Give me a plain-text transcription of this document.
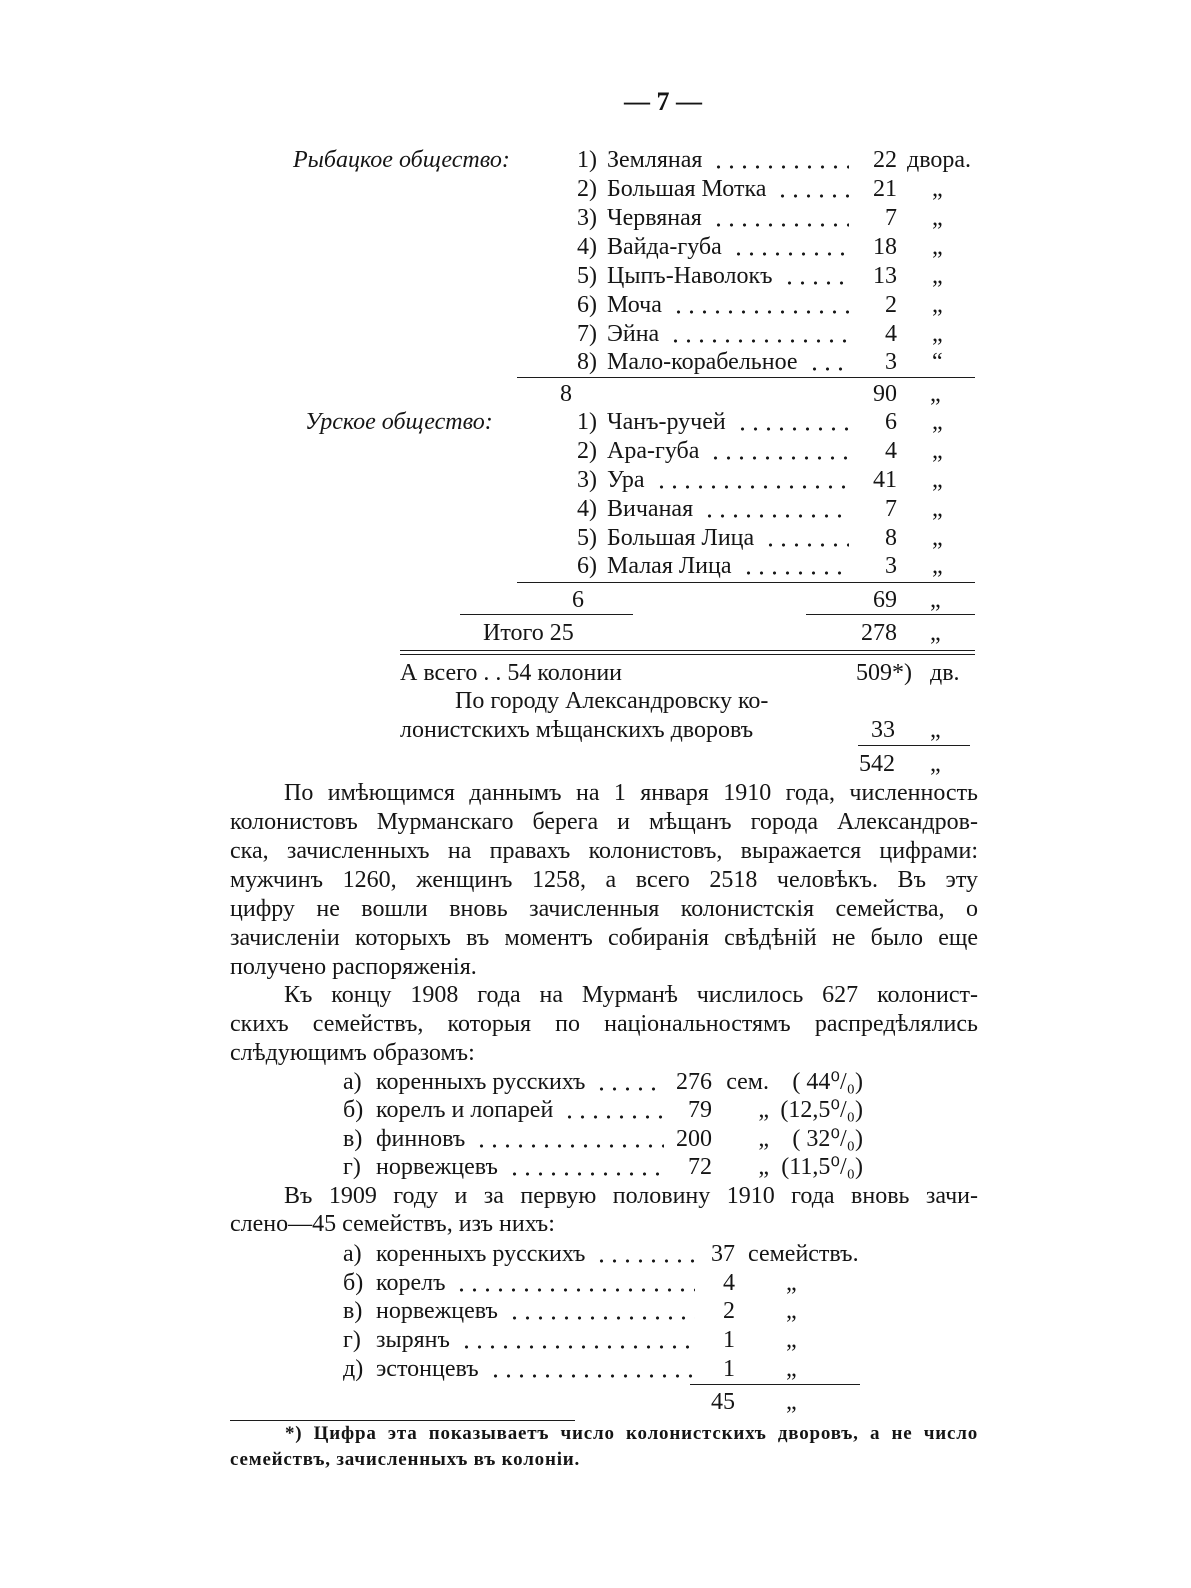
— 7 —
Рыбацкое общество:	1) Земляная	22 двора.
2) Большая Мотка	21 „
3) Червяная	7 „
4) Вайда-губа	18 „
5) Цыпъ-Наволокъ	13 „
6) Моча	2 „
7) Эйна	4 „
8) Мало-корабельное	3 “
8	90 „
Урское общество:	1) Чанъ-ручей	6 „
2) Ара-губа	4 „
3) Ура	41 „
4) Вичаная	7 „
5) Большая Лица	8 „
6) Малая Лица	3 „
6	69 „
Итого 25	278 „
А всего . . 54 колонии	509*) дв.
По городу Александровску ко-
лонистскихъ мѣщанскихъ дворовъ	33 „
542 „
По имѣющимся даннымъ на 1 января 1910 года, численность
колонистовъ Мурманскаго берега и мѣщанъ города Александров-
ска, зачисленныхъ на правахъ колонистовъ, выражается цифрами:
мужчинъ 1260, женщинъ 1258, а всего 2518 человѣкъ. Въ эту
цифру не вошли вновь зачисленныя колонистскія семейства, о
зачисленіи которыхъ въ моментъ собиранія свѣдѣній не было еще
получено распоряженія.
Къ концу 1908 года на Мурманѣ числилось 627 колонист-
скихъ семействъ, которыя по національностямъ распредѣлялись
слѣдующимъ образомъ:
а) коренныхъ русскихъ	276 сем. ( 44⁰/₀)
б) корелъ и лопарей	79	„ (12,5⁰/₀)
в) финновъ	200	„ ( 32⁰/₀)
г) норвежцевъ	72	„ (11,5⁰/₀)
Въ 1909 году и за первую половину 1910 года вновь зачи-
слено—45 семействъ, изъ нихъ:
а) коренныхъ русскихъ	37 семействъ.
б) корелъ	4 „
в) норвежцевъ	2 „
г) зырянъ	1 „
д) эстонцевъ	1 „
45 „
*) Цифра эта показываетъ число колонистскихъ дворовъ, а не число
семействъ, зачисленныхъ въ колоніи.
